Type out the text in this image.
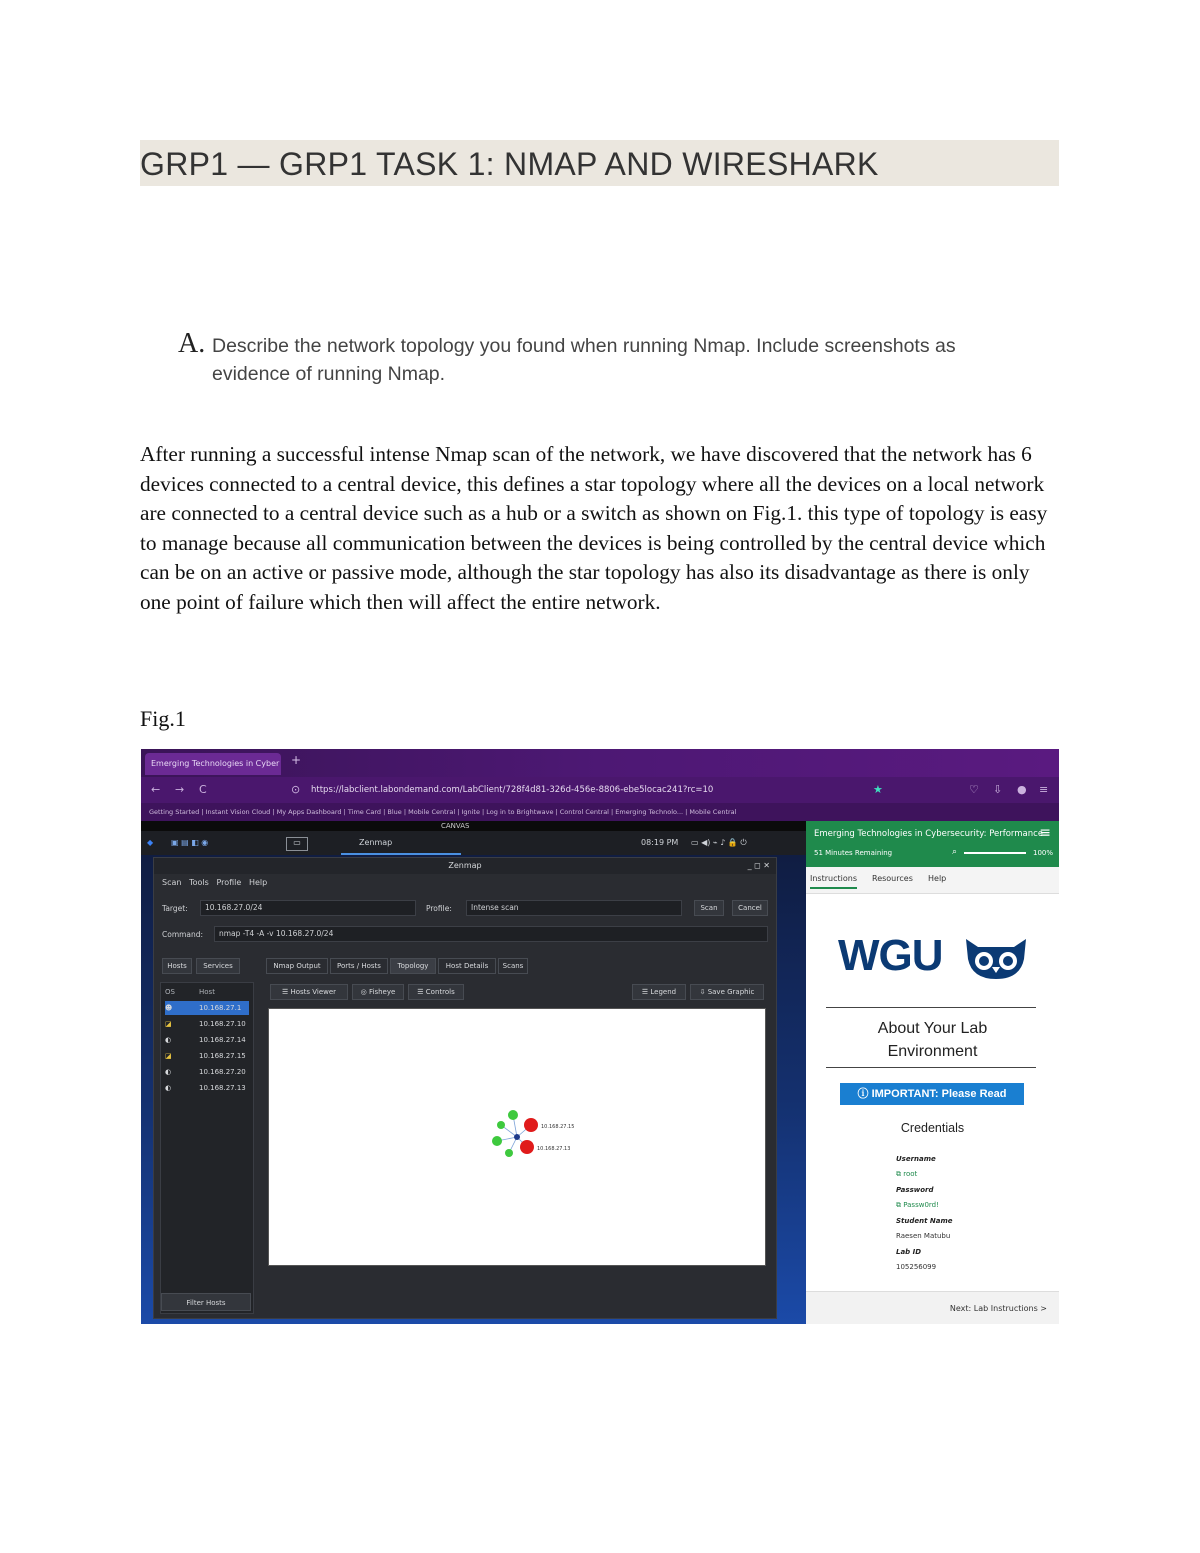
GRP1 — GRP1 TASK 1: NMAP AND WIRESHARK
A. Describe the network topology you found when running Nmap. Include screenshots as evidence of running Nmap.
After running a successful intense Nmap scan of the network, we have discovered that the network has 6 devices connected to a central device, this defines a star topology where all the devices on a local network are connected to a central device such as a hub or a switch as shown on Fig.1. this type of topology is easy to manage because all communication between the devices is being controlled by the central device which can be on an active or passive mode, although the star topology has also its disadvantage as there is only one point of failure which then will affect the entire network.
Fig.1
Emerging Technologies in Cyber +
← → C	⊙ https://labclient.labondemand.com/LabClient/728f4d81-326d-456e-8806-ebe5locac241?rc=10	★	♡ ⇩ ● ≡
Getting Started | Instant Vision Cloud | My Apps Dashboard | Time Card | Blue | Mobile Central | Ignite | Log in to Brightwave | Control Central | Emerging Technolo... | Mobile Central
CANVAS
◆ ▣ ▤ ◧ ◉	▭	Zenmap	08:19 PM ▭ ◀) ⌁ ♪ 🔒 ⏻
Zenmap	_ ◻ ✕
Scan Tools Profile Help
Target:	10.168.27.0/24	Profile:	Intense scan	Scan	Cancel
Command:	nmap -T4 -A -v 10.168.27.0/24
Hosts	Services
OS	Host
☻	10.168.27.1
◪	10.168.27.10
◐	10.168.27.14
◪	10.168.27.15
◐	10.168.27.20
◐	10.168.27.13
Filter Hosts
Nmap Output	Ports / Hosts	Topology	Host Details	Scans
☰ Hosts Viewer	◎ Fisheye	☰ Controls	☰ Legend	⇩ Save Graphic
10.168.27.15
10.168.27.13
Emerging Technologies in Cybersecurity: Performance
≡
51 Minutes Remaining	⌕	100%
Instructions Resources Help
WGU
About Your Lab Environment
ⓘ IMPORTANT: Please Read
Credentials
Username
⧉ root
Password
⧉ Passw0rd!
Student Name
Raesen Matubu
Lab ID
105256099
Next: Lab Instructions >
